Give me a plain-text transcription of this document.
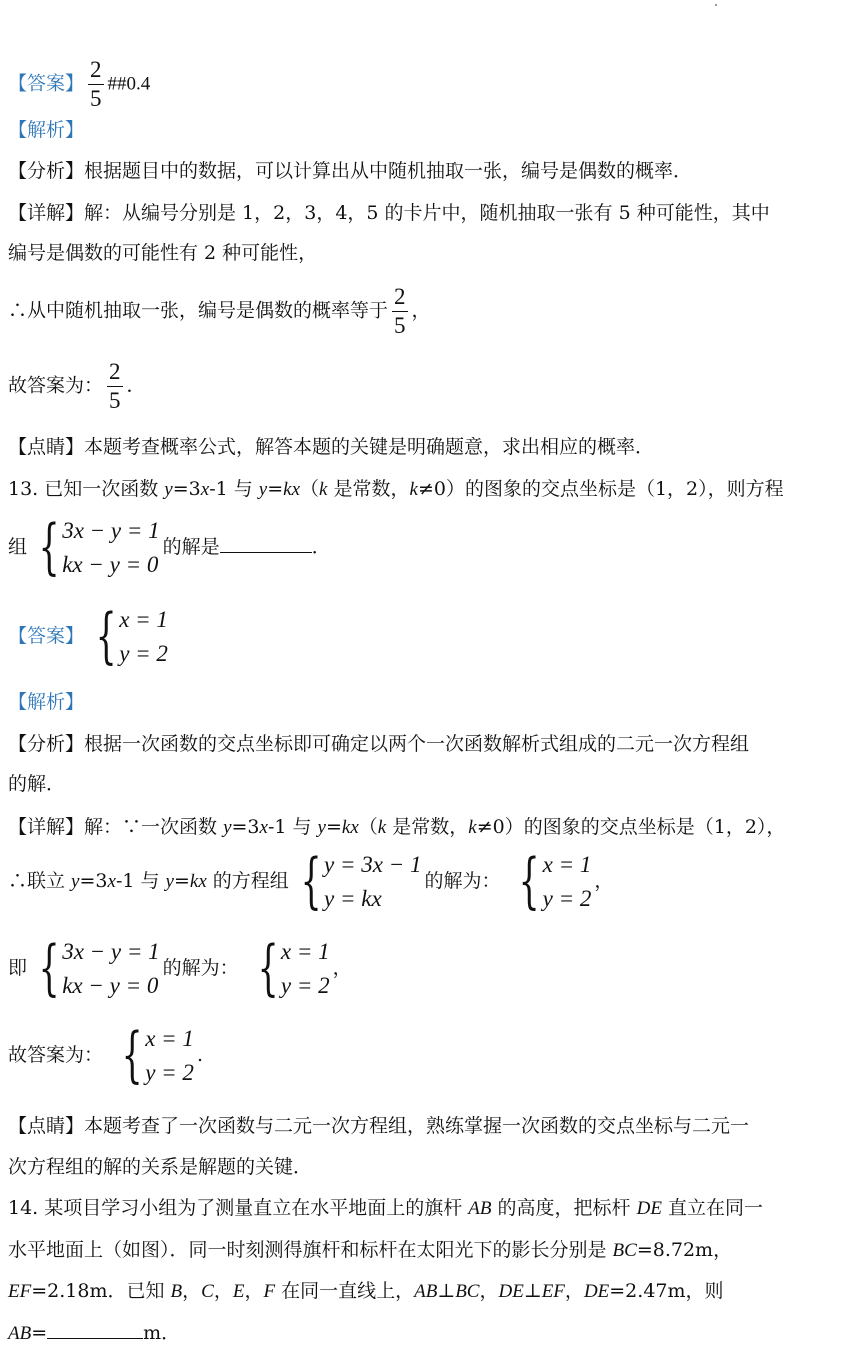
【答案】 $\frac{2}{5}$ ##0.4
【解析】
【分析】根据题目中的数据，可以计算出从中随机抽取一张，编号是偶数的概率．
【详解】解：从编号分别是 1，2，3，4，5 的卡片中，随机抽取一张有 5 种可能性，其中
编号是偶数的可能性有 2 种可能性，
∴从中随机抽取一张，编号是偶数的概率等于 $\frac{2}{5}$ ，
故答案为： $\frac{2}{5}$ ．
【点睛】本题考查概率公式，解答本题的关键是明确题意，求出相应的概率．
13. 已知一次函数 y=3x-1 与 y=kx（k 是常数，k≠0）的图象的交点坐标是（1，2），则方程
组 { 3x − y = 1
kx − y = 0
的解是	．
【答案】 { x = 1
y = 2
【解析】
【分析】根据一次函数的交点坐标即可确定以两个一次函数解析式组成的二元一次方程组
的解．
【详解】解：∵一次函数 y=3x-1 与 y=kx（k 是常数，k≠0）的图象的交点坐标是（1，2），
∴联立 y=3x-1 与 y=kx 的方程组 { y = 3x − 1
y = kx
的解为： { x = 1
y = 2
，
即 { 3x − y = 1
kx − y = 0
的解为： { x = 1
y = 2
，
故答案为： { x = 1
y = 2
.
【点睛】本题考查了一次函数与二元一次方程组，熟练掌握一次函数的交点坐标与二元一
次方程组的解的关系是解题的关键．
14. 某项目学习小组为了测量直立在水平地面上的旗杆 AB 的高度，把标杆 DE 直立在同一
水平地面上（如图）．同一时刻测得旗杆和标杆在太阳光下的影长分别是 BC=8.72m，
EF=2.18m．已知 B，C，E，F 在同一直线上，AB⊥BC，DE⊥EF，DE=2.47m，则
AB=	m．
